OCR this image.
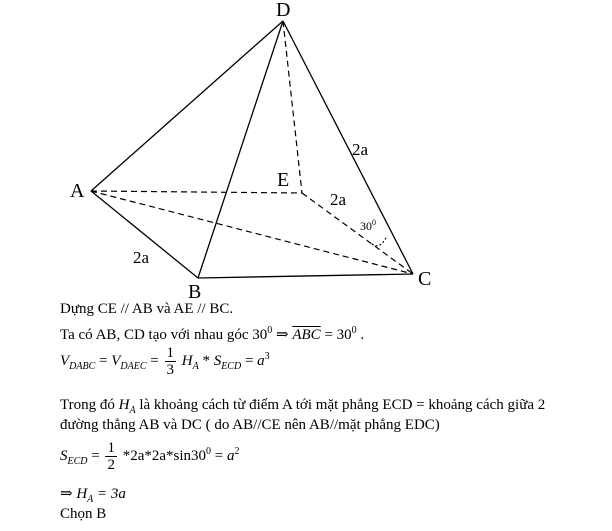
D
A	E
B
C
2a
2a
2a
$30^0$
Dựng CE // AB và AE // BC.
Ta có AB, CD tạo với nhau góc $30^0$ ⇒ $\overline{ABC} = 30^0$ .
$V_{DABC} = V_{DAEC} = \frac{1}{3} H_A * S_{ECD} = a^3$
Trong đó $H_A$ là khoảng cách từ điểm A tới mặt phẳng ECD = khoảng cách giữa 2
đường thẳng AB và DC ( do AB//CE nên AB//mặt phẳng EDC)
$S_{ECD} = \frac{1}{2} *2a*2a*\sin 30^0 = a^2$
⇒ $H_A = 3a$
Chọn B
